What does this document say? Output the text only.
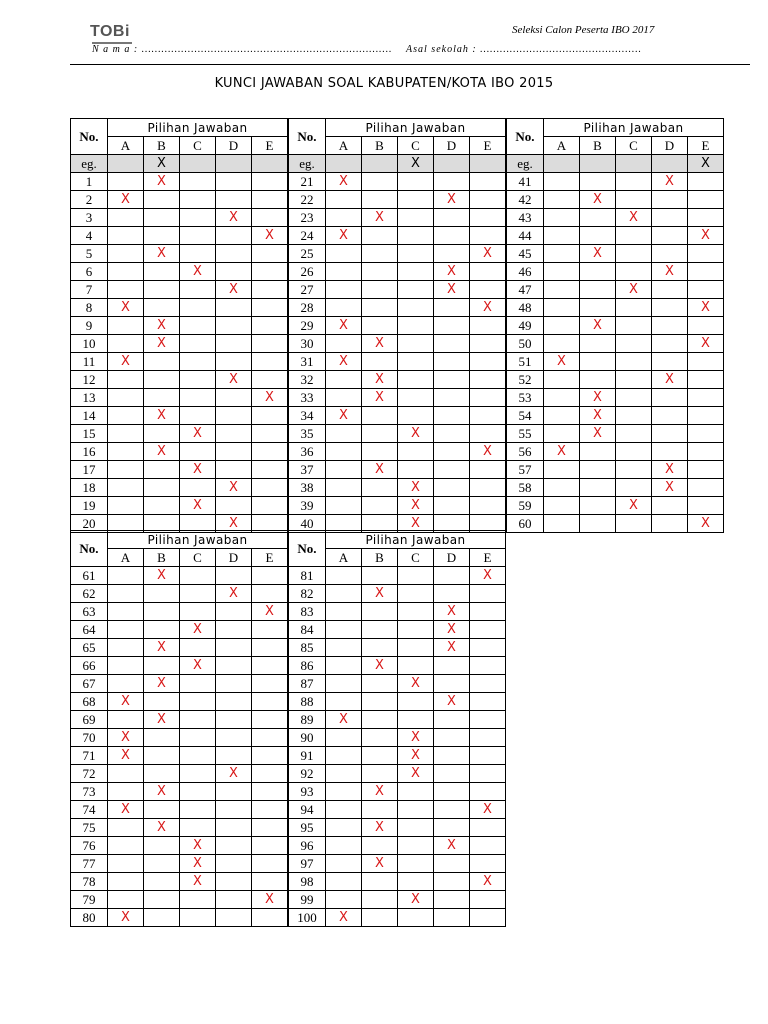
TOBi	Seleksi Calon Peserta IBO 2017
N a m a : …………………………………………………………………. Asal sekolah : ………………………………………….
KUNCI JAWABAN SOAL KABUPATEN/KOTA IBO 2015
No.	Pilihan Jawaban				
	A	B	C	D	E
eg.		X			
1		X			
2	X				
3				X	
4					X
5		X			
6			X		
7				X	
8	X				
9		X			
10		X			
11	X				
12				X	
13					X
14		X			
15			X		
16		X			
17			X		
18				X	
19			X		
20				X	
No.	Pilihan Jawaban				
	A	B	C	D	E
eg.			X		
21	X				
22				X	
23		X			
24	X				
25					X
26				X	
27				X	
28					X
29	X				
30		X			
31	X				
32		X			
33		X			
34	X				
35			X		
36					X
37		X			
38			X		
39			X		
40			X		
No.	Pilihan Jawaban				
	A	B	C	D	E
eg.					X
41				X	
42		X			
43			X		
44					X
45		X			
46				X	
47			X		
48					X
49		X			
50					X
51	X				
52				X	
53		X			
54		X			
55		X			
56	X				
57				X	
58				X	
59			X		
60					X
No.	Pilihan Jawaban				
	A	B	C	D	E
61		X			
62				X	
63					X
64			X		
65		X			
66			X		
67		X			
68	X				
69		X			
70	X				
71	X				
72				X	
73		X			
74	X				
75		X			
76			X		
77			X		
78			X		
79					X
80	X				
No.	Pilihan Jawaban				
	A	B	C	D	E
81					X
82		X			
83				X	
84				X	
85				X	
86		X			
87			X		
88				X	
89	X				
90			X		
91			X		
92			X		
93		X			
94					X
95		X			
96				X	
97		X			
98					X
99			X		
100	X				
